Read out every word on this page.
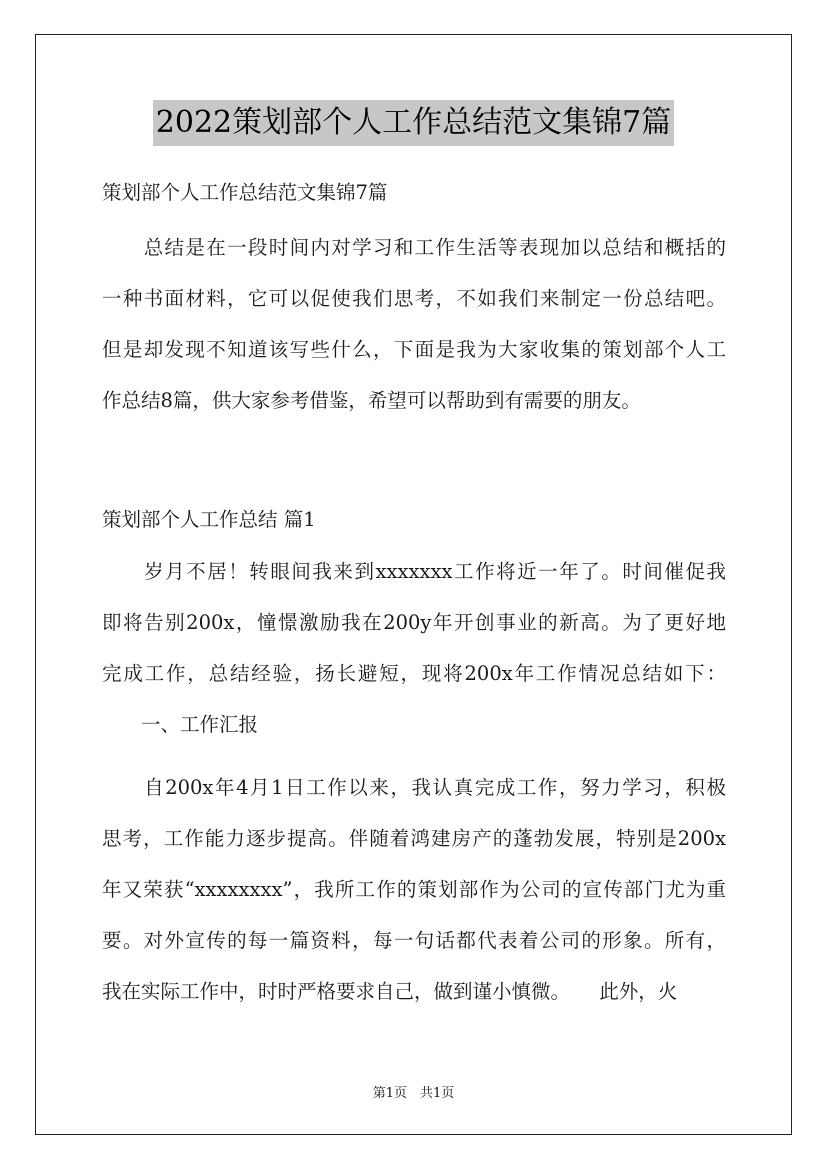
2022策划部个人工作总结范文集锦7篇
策划部个人工作总结范文集锦7篇
　　总结是在一段时间内对学习和工作生活等表现加以总结和概括的
一种书面材料，它可以促使我们思考，不如我们来制定一份总结吧。
但是却发现不知道该写些什么，下面是我为大家收集的策划部个人工
作总结8篇，供大家参考借鉴，希望可以帮助到有需要的朋友。
策划部个人工作总结 篇1
　　岁月不居！转眼间我来到xxxxxxx工作将近一年了。时间催促我
即将告别200x，憧憬激励我在200y年开创事业的新高。为了更好地
完成工作，总结经验，扬长避短，现将200x年工作情况总结如下：
　　一、工作汇报
　　自200x年4月1日工作以来，我认真完成工作，努力学习，积极
思考，工作能力逐步提高。伴随着鸿建房产的蓬勃发展，特别是200x
年又荣获“xxxxxxxx”，我所工作的策划部作为公司的宣传部门尤为重
要。对外宣传的每一篇资料，每一句话都代表着公司的形象。所有，
我在实际工作中，时时严格要求自己，做到谨小慎微。　　此外，火
第1页　共1页
